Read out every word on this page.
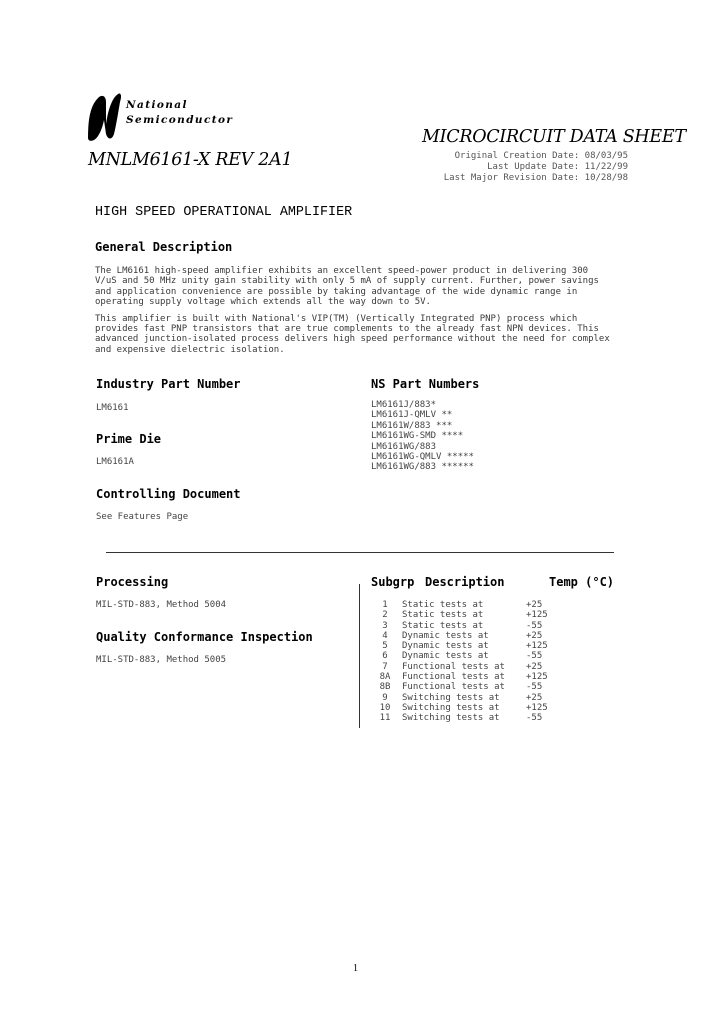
National
Semiconductor
MNLM6161-X REV 2A1
MICROCIRCUIT DATA SHEET
Original Creation Date: 08/03/95
Last Update Date: 11/22/99
Last Major Revision Date: 10/28/98
HIGH SPEED OPERATIONAL AMPLIFIER
General Description

The LM6161 high-speed amplifier exhibits an excellent speed-power product in delivering 300 V/uS and 50 MHz unity gain stability with only 5 mA of supply current. Further, power savings and application convenience are possible by taking advantage of the wide dynamic range in operating supply voltage which extends all the way down to 5V.

This amplifier is built with National's VIP(TM) (Vertically Integrated PNP) process which provides fast PNP transistors that are true complements to the already fast NPN devices. This advanced junction-isolated process delivers high speed performance without the need for complex and expensive dielectric isolation.

Industry Part Number
LM6161
Prime Die
LM6161A
Controlling Document
See Features Page
NS Part Numbers
LM6161J/883*
LM6161J-QMLV **
LM6161W/883 ***
LM6161WG-SMD ****
LM6161WG/883
LM6161WG-QMLV *****
LM6161WG/883 ******
Processing
MIL-STD-883, Method 5004
Quality Conformance Inspection
MIL-STD-883, Method 5005
Subgrp Description	Temp (°C)
1	Static tests at	+25
2	Static tests at	+125
3	Static tests at	-55
4	Dynamic tests at	+25
5	Dynamic tests at	+125
6	Dynamic tests at	-55
7	Functional tests at	+25
8A	Functional tests at	+125
8B	Functional tests at	-55
9	Switching tests at	+25
10	Switching tests at	+125
11	Switching tests at	-55
1
